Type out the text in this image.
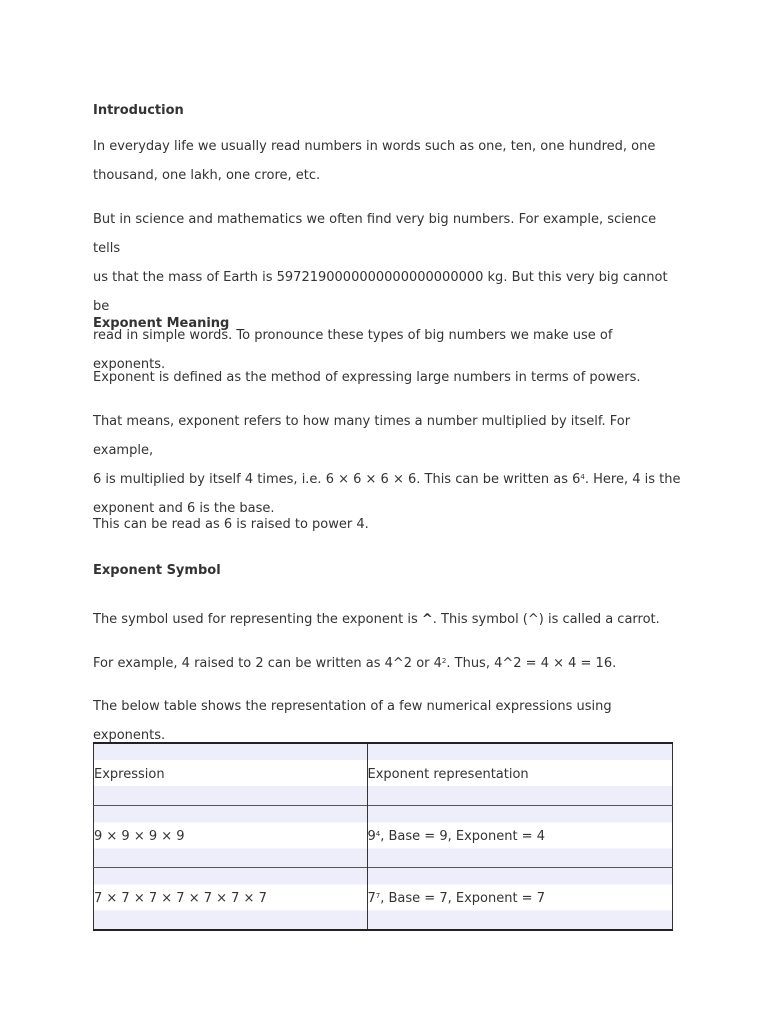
Introduction

In everyday life we usually read numbers in words such as one, ten, one hundred, one
thousand, one lakh, one crore, etc.
But in science and mathematics we often find very big numbers. For example, science tells
us that the mass of Earth is 5972190000000000000000000 kg. But this very big cannot be
read in simple words. To pronounce these types of big numbers we make use of exponents.

Exponent Meaning

Exponent is defined as the method of expressing large numbers in terms of powers.
That means, exponent refers to how many times a number multiplied by itself. For example,
6 is multiplied by itself 4 times, i.e. 6 × 6 × 6 × 6. This can be written as $6^4$. Here, 4 is the
exponent and 6 is the base.
This can be read as 6 is raised to power 4.

Exponent Symbol

The symbol used for representing the exponent is ^. This symbol (^) is called a carrot.
For example, 4 raised to 2 can be written as 4^2 or $4^2$. Thus, 4^2 = 4 × 4 = 16.
The below table shows the representation of a few numerical expressions using exponents.
Expression	Exponent representation

9 × 9 × 9 × 9	$9^4$, Base = 9, Exponent = 4

7 × 7 × 7 × 7 × 7 × 7 × 7	$7^7$, Base = 7, Exponent = 7
